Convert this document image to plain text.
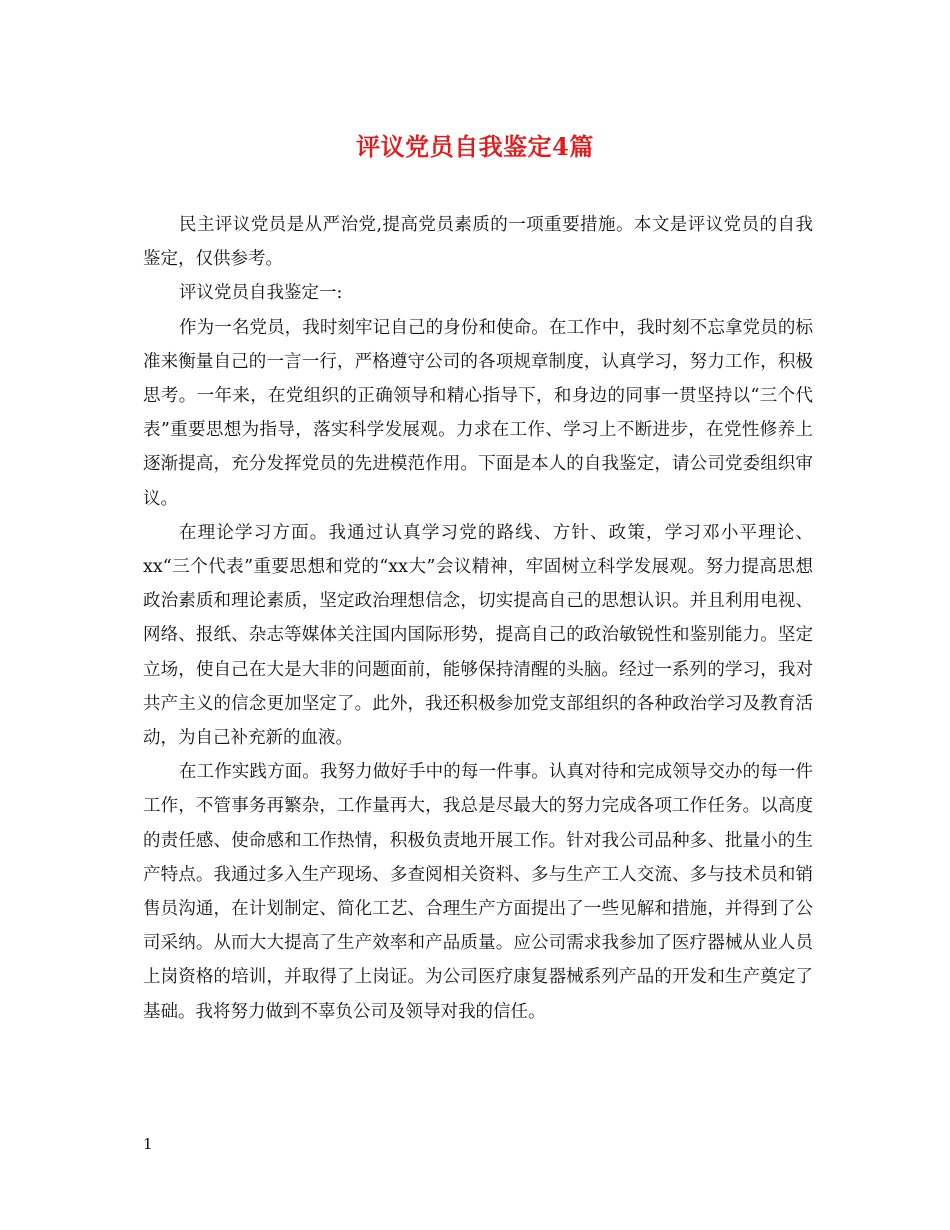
评议党员自我鉴定4篇

民主评议党员是从严治党,提高党员素质的一项重要措施。本文是评议党员的自我鉴定，仅供参考。

评议党员自我鉴定一:

作为一名党员，我时刻牢记自己的身份和使命。在工作中，我时刻不忘拿党员的标准来衡量自己的一言一行，严格遵守公司的各项规章制度，认真学习，努力工作，积极思考。一年来，在党组织的正确领导和精心指导下，和身边的同事一贯坚持以“三个代表”重要思想为指导，落实科学发展观。力求在工作、学习上不断进步，在党性修养上逐渐提高，充分发挥党员的先进模范作用。下面是本人的自我鉴定，请公司党委组织审议。

在理论学习方面。我通过认真学习党的路线、方针、政策，学习邓小平理论、xx“三个代表”重要思想和党的“xx大”会议精神，牢固树立科学发展观。努力提高思想政治素质和理论素质，坚定政治理想信念，切实提高自己的思想认识。并且利用电视、网络、报纸、杂志等媒体关注国内国际形势，提高自己的政治敏锐性和鉴别能力。坚定立场，使自己在大是大非的问题面前，能够保持清醒的头脑。经过一系列的学习，我对共产主义的信念更加坚定了。此外，我还积极参加党支部组织的各种政治学习及教育活动，为自己补充新的血液。

在工作实践方面。我努力做好手中的每一件事。认真对待和完成领导交办的每一件工作，不管事务再繁杂，工作量再大，我总是尽最大的努力完成各项工作任务。以高度的责任感、使命感和工作热情，积极负责地开展工作。针对我公司品种多、批量小的生产特点。我通过多入生产现场、多查阅相关资料、多与生产工人交流、多与技术员和销售员沟通，在计划制定、简化工艺、合理生产方面提出了一些见解和措施，并得到了公司采纳。从而大大提高了生产效率和产品质量。应公司需求我参加了医疗器械从业人员上岗资格的培训，并取得了上岗证。为公司医疗康复器械系列产品的开发和生产奠定了基础。我将努力做到不辜负公司及领导对我的信任。

1
